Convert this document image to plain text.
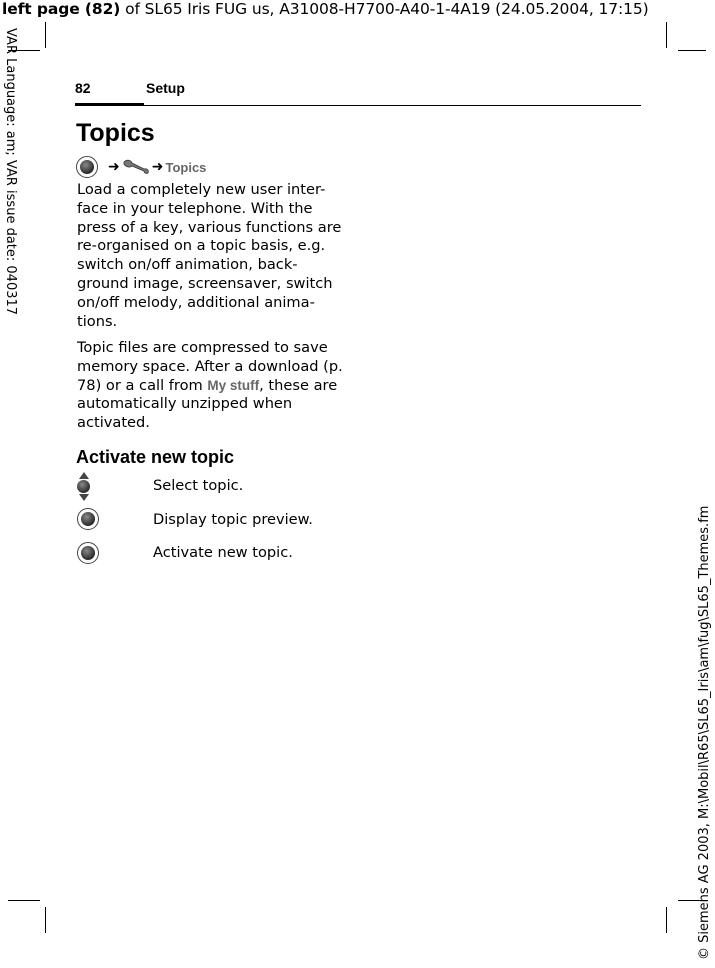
left page (82) of SL65 Iris FUG us, A31008-H7700-A40-1-4A19 (24.05.2004, 17:15)
VAR Language: am; VAR issue date: 040317
© Siemens AG 2003, M:\Mobil\R65\SL65_Iris\am\fug\SL65_Themes.fm
82	Setup
Topics
➜ ➜ Topics
Load a completely new user inter-face in your telephone. With the press of a key, various functions are re-organised on a topic basis, e.g. switch on/off animation, back-ground image, screensaver, switch on/off melody, additional anima-tions.
Topic files are compressed to save memory space. After a download (p. 78) or a call from My stuff, these are automatically unzipped when activated.
Activate new topic
Select topic.
Display topic preview.
Activate new topic.
